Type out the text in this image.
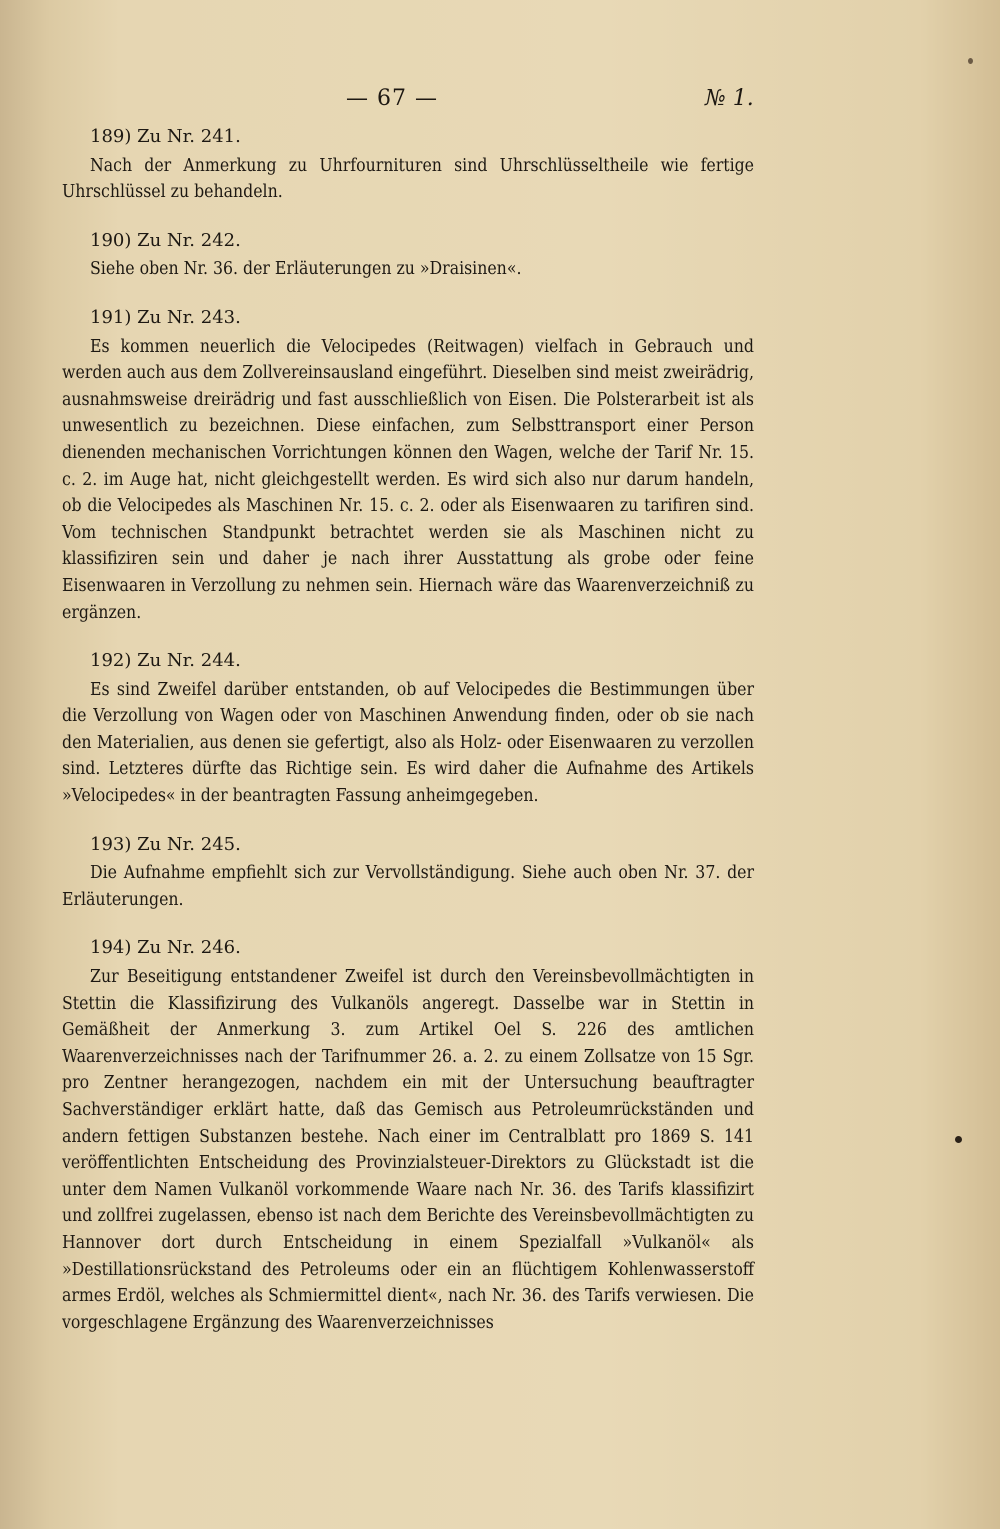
— 67 —	№ 1.
189) Zu Nr. 241.

Nach der Anmerkung zu Uhrfournituren sind Uhrschlüsseltheile wie fertige Uhrschlüssel zu behandeln.

190) Zu Nr. 242.

Siehe oben Nr. 36. der Erläuterungen zu »Draisinen«.

191) Zu Nr. 243.

Es kommen neuerlich die Velocipedes (Reitwagen) vielfach in Gebrauch und werden auch aus dem Zollvereinsausland eingeführt. Dieselben sind meist zweirädrig, ausnahmsweise dreirädrig und fast ausschließlich von Eisen. Die Polsterarbeit ist als unwesentlich zu bezeichnen. Diese einfachen, zum Selbsttransport einer Person dienenden mechanischen Vorrichtungen können den Wagen, welche der Tarif Nr. 15. c. 2. im Auge hat, nicht gleichgestellt werden. Es wird sich also nur darum handeln, ob die Velocipedes als Maschinen Nr. 15. c. 2. oder als Eisenwaaren zu tarifiren sind. Vom technischen Standpunkt betrachtet werden sie als Maschinen nicht zu klassifiziren sein und daher je nach ihrer Ausstattung als grobe oder feine Eisenwaaren in Verzollung zu nehmen sein. Hiernach wäre das Waarenverzeichniß zu ergänzen.

192) Zu Nr. 244.

Es sind Zweifel darüber entstanden, ob auf Velocipedes die Bestimmungen über die Verzollung von Wagen oder von Maschinen Anwendung finden, oder ob sie nach den Materialien, aus denen sie gefertigt, also als Holz- oder Eisenwaaren zu verzollen sind. Letzteres dürfte das Richtige sein. Es wird daher die Aufnahme des Artikels »Velocipedes« in der beantragten Fassung anheimgegeben.

193) Zu Nr. 245.

Die Aufnahme empfiehlt sich zur Vervollständigung. Siehe auch oben Nr. 37. der Erläuterungen.

194) Zu Nr. 246.

Zur Beseitigung entstandener Zweifel ist durch den Vereinsbevollmächtigten in Stettin die Klassifizirung des Vulkanöls angeregt. Dasselbe war in Stettin in Gemäßheit der Anmerkung 3. zum Artikel Oel S. 226 des amtlichen Waarenverzeichnisses nach der Tarifnummer 26. a. 2. zu einem Zollsatze von 15 Sgr. pro Zentner herangezogen, nachdem ein mit der Untersuchung beauftragter Sachverständiger erklärt hatte, daß das Gemisch aus Petroleumrückständen und andern fettigen Substanzen bestehe. Nach einer im Centralblatt pro 1869 S. 141 veröffentlichten Entscheidung des Provinzialsteuer-Direktors zu Glückstadt ist die unter dem Namen Vulkanöl vorkommende Waare nach Nr. 36. des Tarifs klassifizirt und zollfrei zugelassen, ebenso ist nach dem Berichte des Vereinsbevollmächtigten zu Hannover dort durch Entscheidung in einem Spezialfall »Vulkanöl« als »Destillationsrückstand des Petroleums oder ein an flüchtigem Kohlenwasserstoff armes Erdöl, welches als Schmiermittel dient«, nach Nr. 36. des Tarifs verwiesen. Die vorgeschlagene Ergänzung des Waarenverzeichnisses
